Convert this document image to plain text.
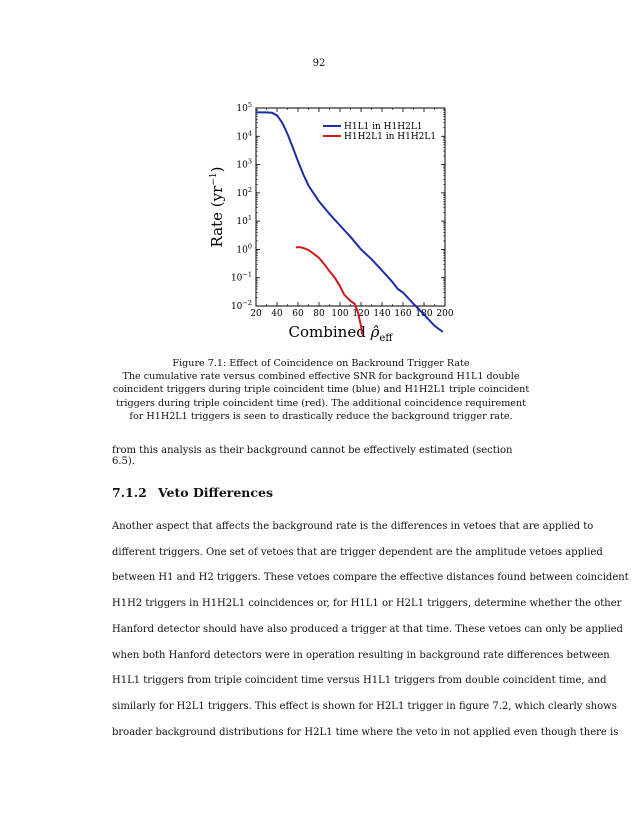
92
20 40 60 80 100 120 140 160 180 200
$10^5$
$10^4$
$10^3$
$10^2$
$10^1$
$10^0$
$10^{-1}$
$10^{-2}$
Combined $\rhô_{eff}$
Rate $(yr^{-1})$
H1L1 in H1H2L1
H1H2L1 in H1H2L1
Figure 7.1: Effect of Coincidence on Backround Trigger Rate
The cumulative rate versus combined effective SNR for background H1L1 double coincident triggers during triple coincident time (blue) and H1H2L1 triple coincident triggers during triple coincident time (red). The additional coincidence requirement for H1H2L1 triggers is seen to drastically reduce the background trigger rate.
from this analysis as their background cannot be effectively estimated (section 6.5).
7.1.2 Veto Differences
Another aspect that affects the background rate is the differences in vetoes that are applied to
different triggers. One set of vetoes that are trigger dependent are the amplitude vetoes applied
between H1 and H2 triggers. These vetoes compare the effective distances found between coincident
H1H2 triggers in H1H2L1 coincidences or, for H1L1 or H2L1 triggers, determine whether the other
Hanford detector should have also produced a trigger at that time. These vetoes can only be applied
when both Hanford detectors were in operation resulting in background rate differences between
H1L1 triggers from triple coincident time versus H1L1 triggers from double coincident time, and
similarly for H2L1 triggers. This effect is shown for H2L1 trigger in figure 7.2, which clearly shows
broader background distributions for H2L1 time where the veto in not applied even though there is
